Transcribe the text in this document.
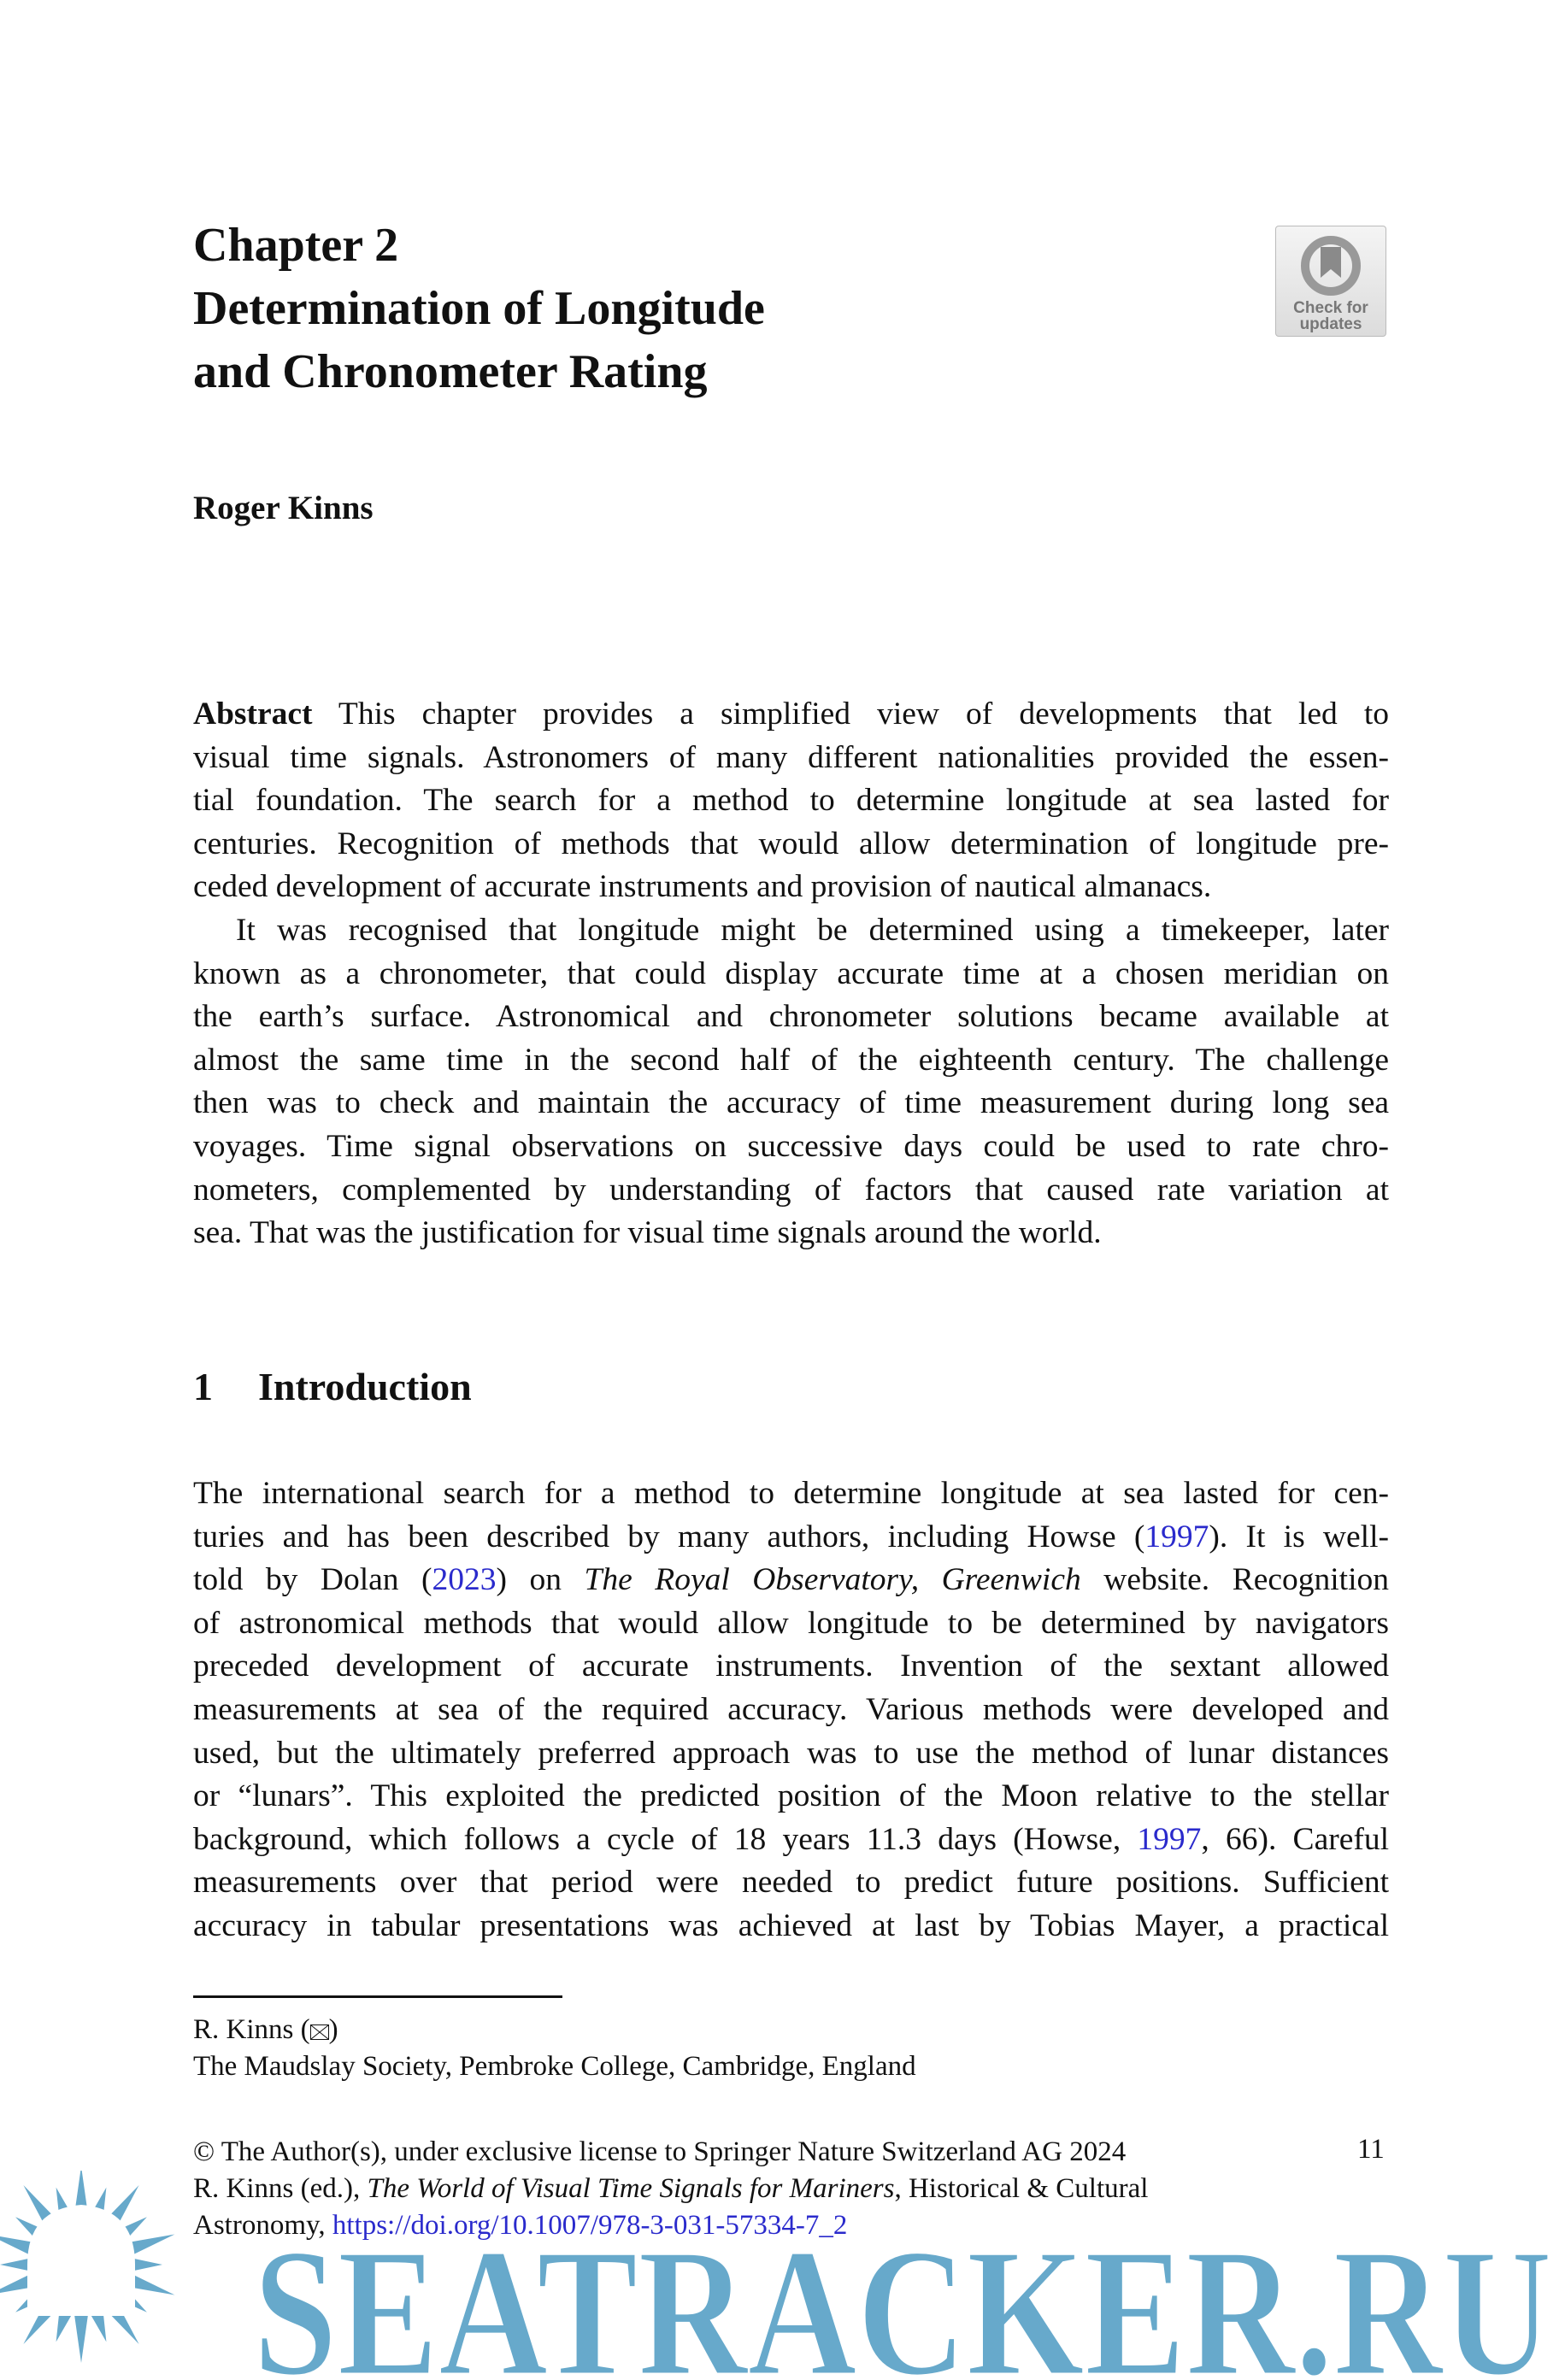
Chapter 2
Determination of Longitude
and Chronometer Rating
Check for
updates
Roger Kinns
Abstract This chapter provides a simplified view of developments that led to
visual time signals. Astronomers of many different nationalities provided the essen-
tial foundation. The search for a method to determine longitude at sea lasted for
centuries. Recognition of methods that would allow determination of longitude pre-
ceded development of accurate instruments and provision of nautical almanacs.
It was recognised that longitude might be determined using a timekeeper, later
known as a chronometer, that could display accurate time at a chosen meridian on
the earth’s surface. Astronomical and chronometer solutions became available at
almost the same time in the second half of the eighteenth century. The challenge
then was to check and maintain the accuracy of time measurement during long sea
voyages. Time signal observations on successive days could be used to rate chro-
nometers, complemented by understanding of factors that caused rate variation at
sea. That was the justification for visual time signals around the world.
1 Introduction
The international search for a method to determine longitude at sea lasted for cen-
turies and has been described by many authors, including Howse (1997). It is well-
told by Dolan (2023) on The Royal Observatory, Greenwich website. Recognition
of astronomical methods that would allow longitude to be determined by navigators
preceded development of accurate instruments. Invention of the sextant allowed
measurements at sea of the required accuracy. Various methods were developed and
used, but the ultimately preferred approach was to use the method of lunar distances
or “lunars”. This exploited the predicted position of the Moon relative to the stellar
background, which follows a cycle of 18 years 11.3 days (Howse, 1997, 66). Careful
measurements over that period were needed to predict future positions. Sufficient
accuracy in tabular presentations was achieved at last by Tobias Mayer, a practical
R. Kinns ( )
The Maudslay Society, Pembroke College, Cambridge, England
© The Author(s), under exclusive license to Springer Nature Switzerland AG 2024	11
R. Kinns (ed.), The World of Visual Time Signals for Mariners, Historical & Cultural
Astronomy, https://doi.org/10.1007/978-3-031-57334-7_2
SEATRACKER.RU
